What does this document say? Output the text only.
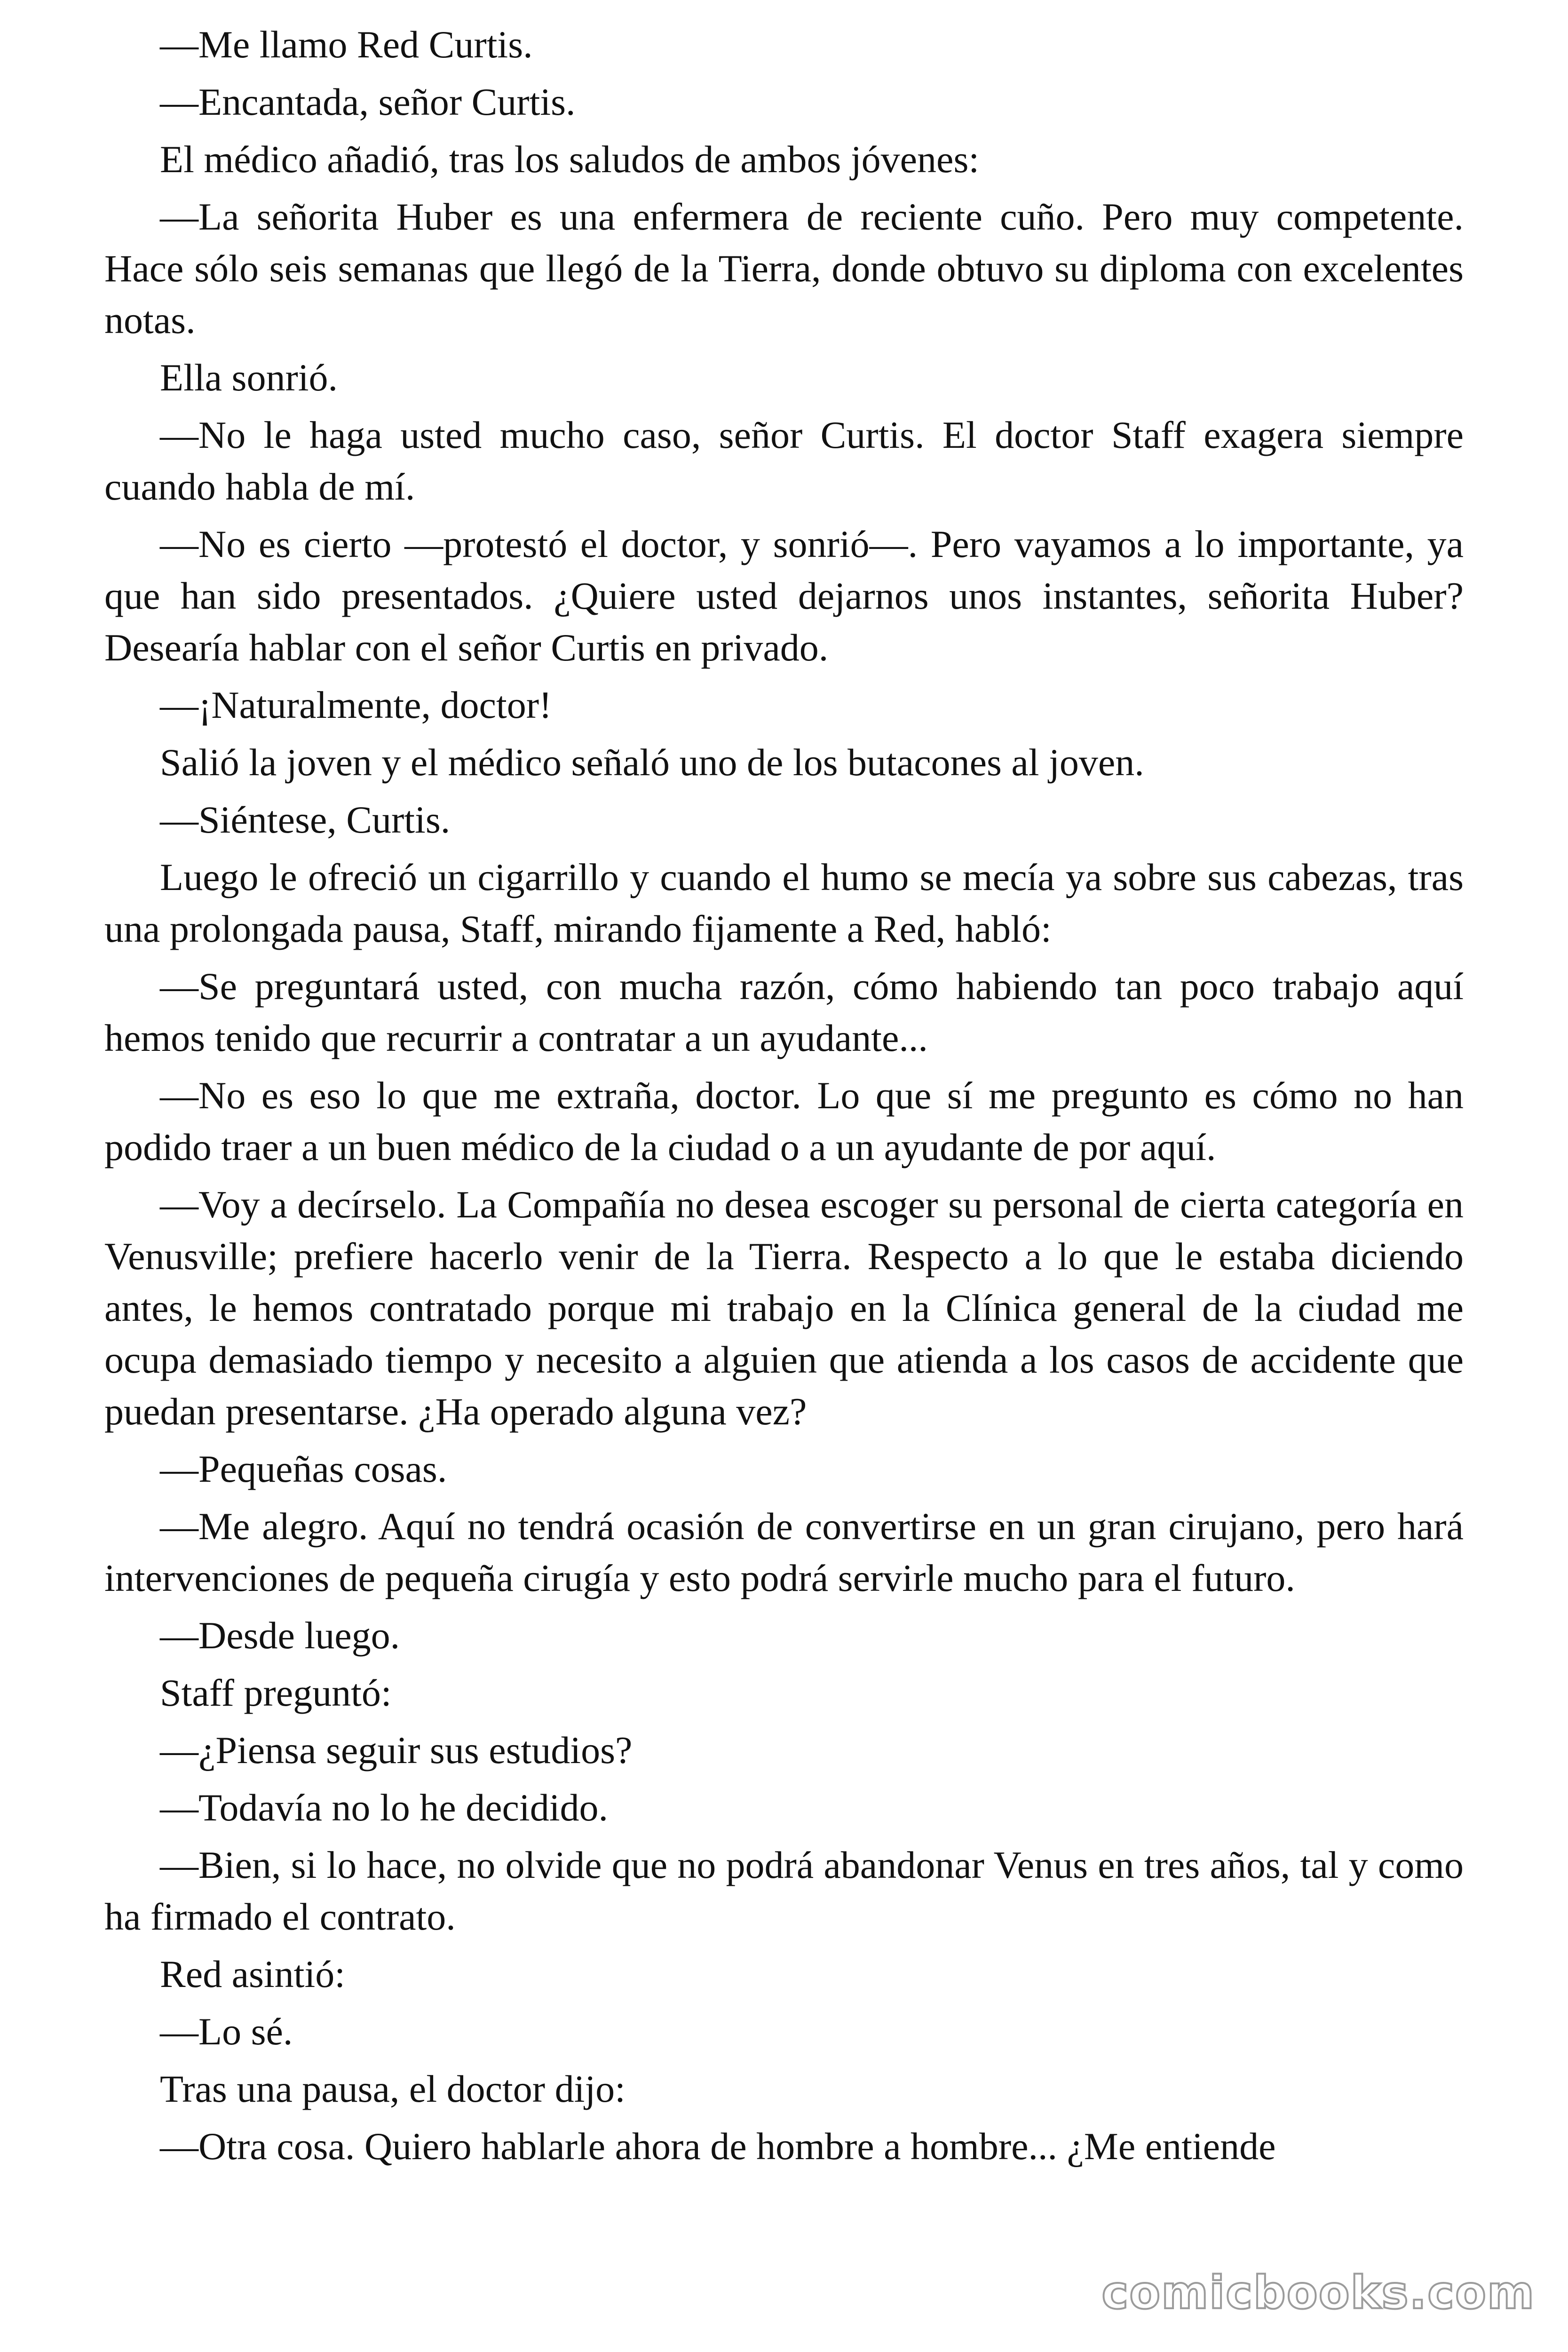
—Me llamo Red Curtis.

—Encantada, señor Curtis.

El médico añadió, tras los saludos de ambos jóvenes:

—La señorita Huber es una enfermera de reciente cuño. Pero muy competente. Hace sólo seis semanas que llegó de la Tierra, donde obtuvo su diploma con excelentes notas.

Ella sonrió.

—No le haga usted mucho caso, señor Curtis. El doctor Staff exagera siempre cuando habla de mí.

—No es cierto —protestó el doctor, y sonrió—. Pero vayamos a lo importante, ya que han sido presentados. ¿Quiere usted dejarnos unos instantes, señorita Huber? Desearía hablar con el señor Curtis en privado.

—¡Naturalmente, doctor!

Salió la joven y el médico señaló uno de los butacones al joven.

—Siéntese, Curtis.

Luego le ofreció un cigarrillo y cuando el humo se mecía ya sobre sus cabezas, tras una prolongada pausa, Staff, mirando fijamente a Red, habló:

—Se preguntará usted, con mucha razón, cómo habiendo tan poco trabajo aquí hemos tenido que recurrir a contratar a un ayudante...

—No es eso lo que me extraña, doctor. Lo que sí me pregunto es cómo no han podido traer a un buen médico de la ciudad o a un ayudante de por aquí.

—Voy a decírselo. La Compañía no desea escoger su personal de cierta categoría en Venusville; prefiere hacerlo venir de la Tierra. Respecto a lo que le estaba diciendo antes, le hemos contratado porque mi trabajo en la Clínica general de la ciudad me ocupa demasiado tiempo y necesito a alguien que atienda a los casos de accidente que puedan presentarse. ¿Ha operado alguna vez?

—Pequeñas cosas.

—Me alegro. Aquí no tendrá ocasión de convertirse en un gran cirujano, pero hará intervenciones de pequeña cirugía y esto podrá servirle mucho para el futuro.

—Desde luego.

Staff preguntó:

—¿Piensa seguir sus estudios?

—Todavía no lo he decidido.

—Bien, si lo hace, no olvide que no podrá abandonar Venus en tres años, tal y como ha firmado el contrato.

Red asintió:

—Lo sé.

Tras una pausa, el doctor dijo:

—Otra cosa. Quiero hablarle ahora de hombre a hombre... ¿Me entiende

comicbooks.com
